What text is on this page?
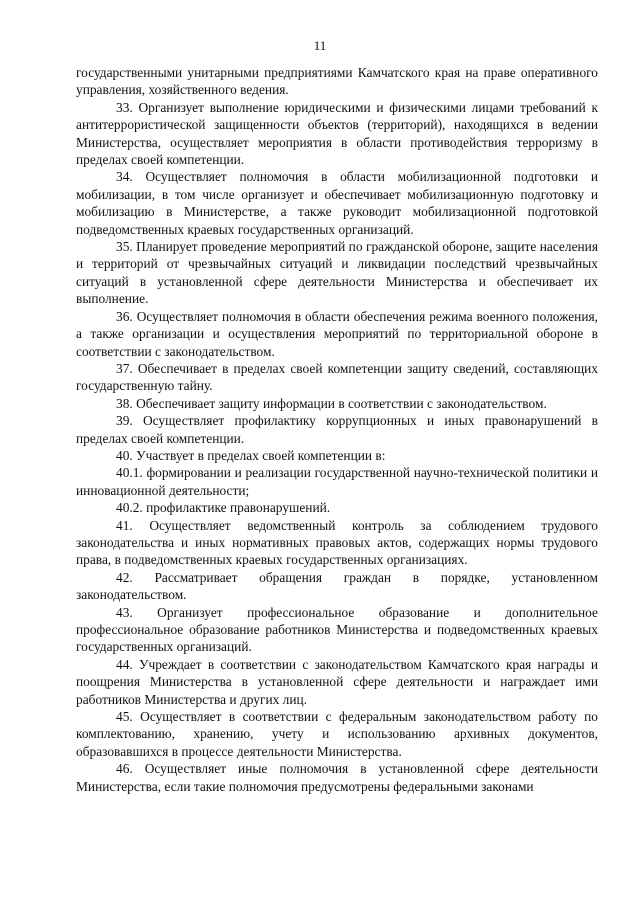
11

государственными унитарными предприятиями Камчатского края на праве оперативного управления, хозяйственного ведения.

33. Организует выполнение юридическими и физическими лицами требований к антитеррористической защищенности объектов (территорий), находящихся в ведении Министерства, осуществляет мероприятия в области противодействия терроризму в пределах своей компетенции.

34. Осуществляет полномочия в области мобилизационной подготовки и мобилизации, в том числе организует и обеспечивает мобилизационную подготовку и мобилизацию в Министерстве, а также руководит мобилизационной подготовкой подведомственных краевых государственных организаций.

35. Планирует проведение мероприятий по гражданской обороне, защите населения и территорий от чрезвычайных ситуаций и ликвидации последствий чрезвычайных ситуаций в установленной сфере деятельности Министерства и обеспечивает их выполнение.

36. Осуществляет полномочия в области обеспечения режима военного положения, а также организации и осуществления мероприятий по территориальной обороне в соответствии с законодательством.

37. Обеспечивает в пределах своей компетенции защиту сведений, составляющих государственную тайну.

38. Обеспечивает защиту информации в соответствии с законодательством.

39. Осуществляет профилактику коррупционных и иных правонарушений в пределах своей компетенции.

40. Участвует в пределах своей компетенции в:

40.1. формировании и реализации государственной научно-технической политики и инновационной деятельности;

40.2. профилактике правонарушений.

41. Осуществляет ведомственный контроль за соблюдением трудового законодательства и иных нормативных правовых актов, содержащих нормы трудового права, в подведомственных краевых государственных организациях.

42. Рассматривает обращения граждан в порядке, установленном законодательством.

43. Организует профессиональное образование и дополнительное профессиональное образование работников Министерства и подведомственных краевых государственных организаций.

44. Учреждает в соответствии с законодательством Камчатского края награды и поощрения Министерства в установленной сфере деятельности и награждает ими работников Министерства и других лиц.

45. Осуществляет в соответствии с федеральным законодательством работу по комплектованию, хранению, учету и использованию архивных документов, образовавшихся в процессе деятельности Министерства.

46. Осуществляет иные полномочия в установленной сфере деятельности Министерства, если такие полномочия предусмотрены федеральными законами
